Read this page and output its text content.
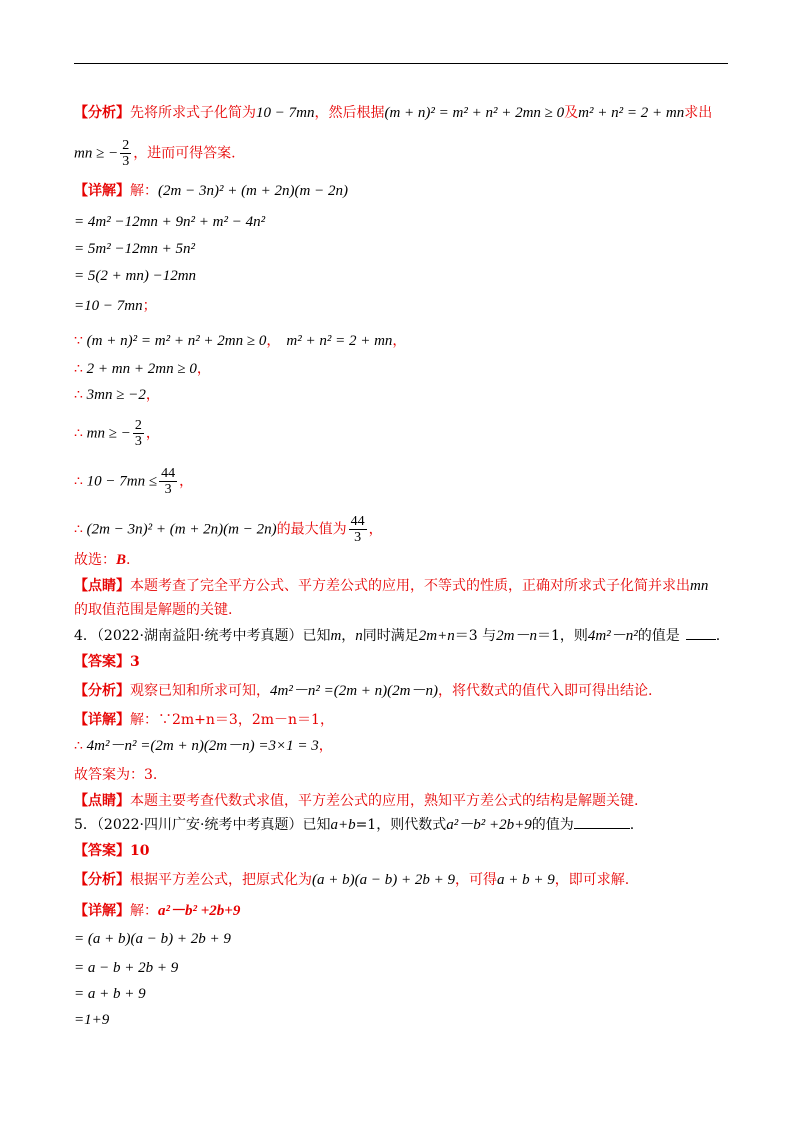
【分析】先将所求式子化简为10 − 7mn，然后根据(m + n)² = m² + n² + 2mn ≥ 0及m² + n² = 2 + mn求出
mn ≥ − $\frac{2}{3}$ ，进而可得答案.
【详解】解：(2m − 3n)² + (m + 2n)(m − 2n)
= 4m² −12mn + 9n² + m² − 4n²
= 5m² −12mn + 5n²
= 5(2 + mn) −12mn
=10 − 7mn；
∵ (m + n)² = m² + n² + 2mn ≥ 0， m² + n² = 2 + mn，
∴ 2 + mn + 2mn ≥ 0，
∴ 3mn ≥ −2，
∴ mn ≥ − $\frac{2}{3}$ ，
∴ $10 - 7mn \le \frac{44}{3}$ ，
∴ (2m − 3n)² + (m + 2n)(m − 2n)的最大值为 $\frac{44}{3}$ ，
故选：B.
【点睛】本题考查了完全平方公式、平方差公式的应用，不等式的性质，正确对所求式子化简并求出mn
的取值范围是解题的关键.
4．（2022·湖南益阳·统考中考真题）已知m，n同时满足2m+n＝3 与2m－n＝1，则4m²－n²的值是	.
【答案】3
【分析】观察已知和所求可知，4m²－n² =(2m + n)(2m－n)，将代数式的值代入即可得出结论.
【详解】解：∵2m+n＝3，2m－n＝1，
∴ 4m²－n² =(2m + n)(2m－n) =3×1 = 3，
故答案为：3.
【点睛】本题主要考查代数式求值，平方差公式的应用，熟知平方差公式的结构是解题关键.
5．（2022·四川广安·统考中考真题）已知a+b=1，则代数式a²－b² +2b+9的值为	.
【答案】10
【分析】根据平方差公式，把原式化为(a + b)(a − b) + 2b + 9，可得a + b + 9，即可求解.
【详解】解：a²－b² +2b+9
= (a + b)(a − b) + 2b + 9
= a − b + 2b + 9
= a + b + 9
=1+9
